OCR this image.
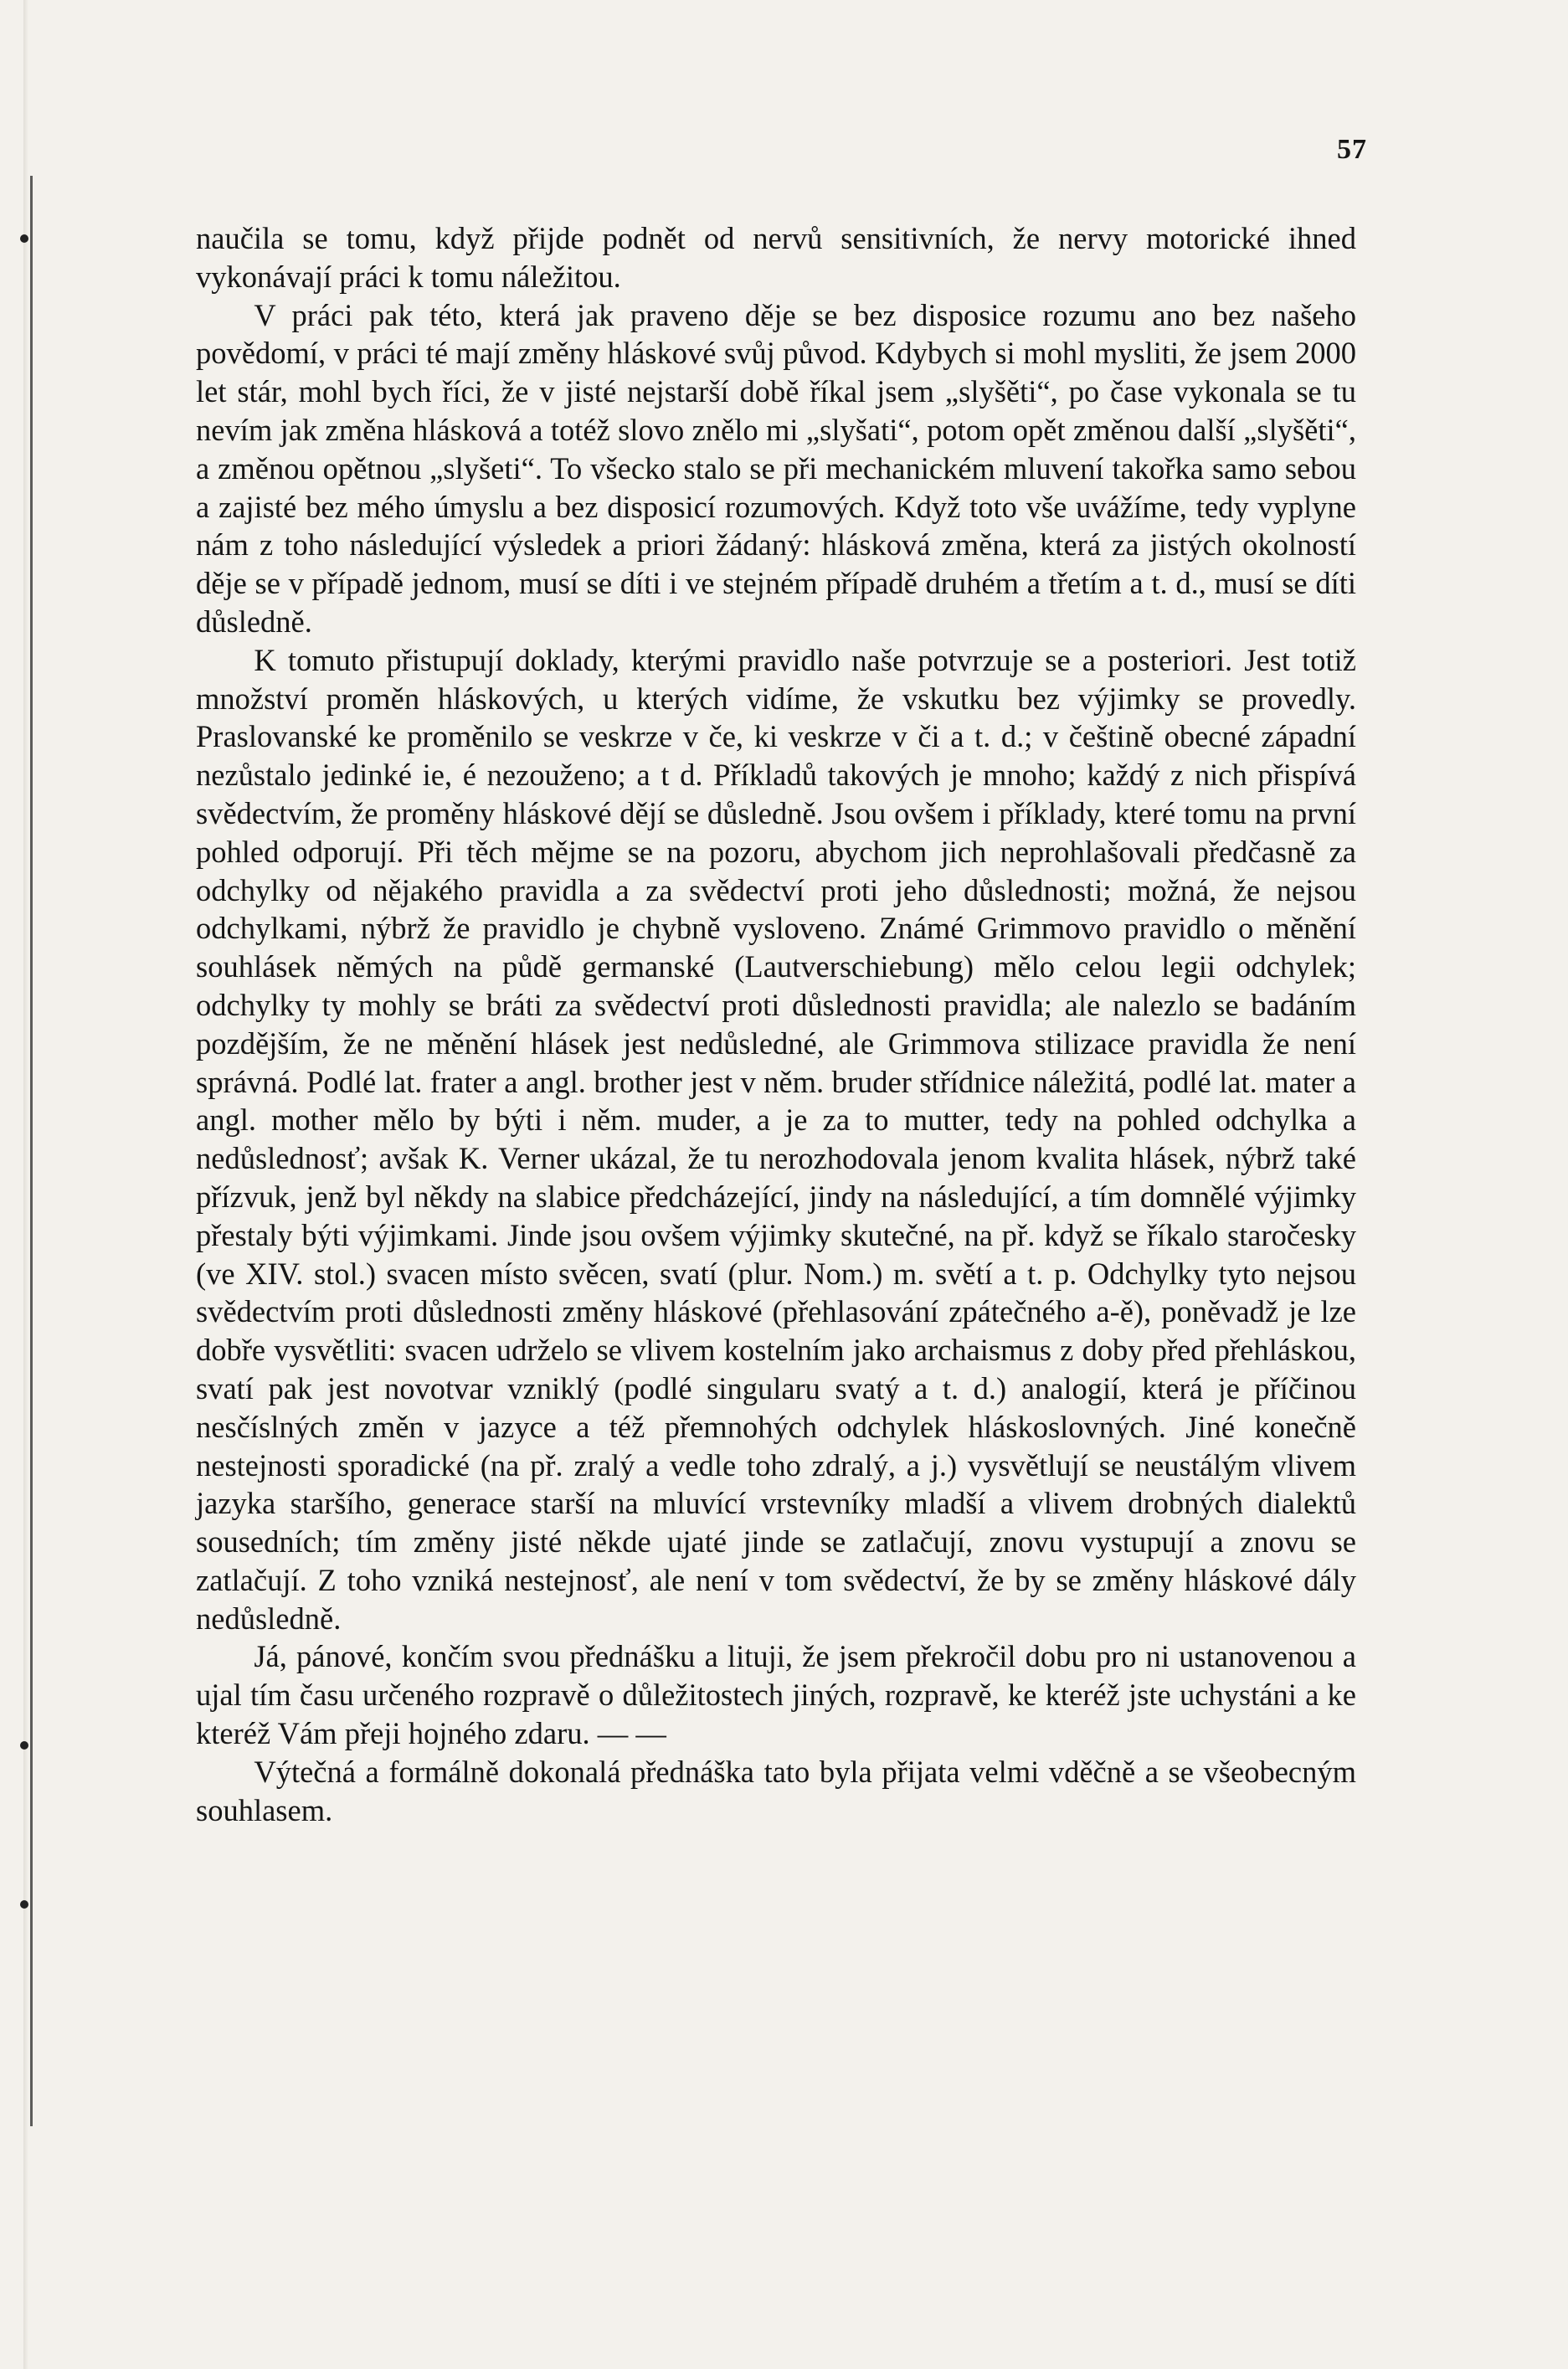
57

naučila se tomu, když přijde podnět od nervů sensitivních, že nervy motorické ihned vykonávají práci k tomu náležitou.

V práci pak této, která jak praveno děje se bez disposice rozumu ano bez našeho povědomí, v práci té mají změny hláskové svůj původ. Kdybych si mohl mysliti, že jsem 2000 let stár, mohl bych říci, že v jisté nejstarší době říkal jsem „slyšěti“, po čase vykonala se tu nevím jak změna hlásková a totéž slovo znělo mi „slyšati“, potom opět změnou další „slyšěti“, a změnou opětnou „slyšeti“. To všecko stalo se při mechanickém mluvení takořka samo sebou a zajisté bez mého úmyslu a bez disposicí rozumových. Když toto vše uvážíme, tedy vyplyne nám z toho následující výsledek a priori žádaný: hlásková změna, která za jistých okolností děje se v případě jednom, musí se díti i ve stejném případě druhém a třetím a t. d., musí se díti důsledně.

K tomuto přistupují doklady, kterými pravidlo naše potvrzuje se a posteriori. Jest totiž množství proměn hláskových, u kterých vidíme, že vskutku bez výjimky se provedly. Praslovanské ke proměnilo se veskrze v če, ki veskrze v či a t. d.; v češtině obecné západní nezůstalo jedinké ie, é nezouženo; a t d. Příkladů takových je mnoho; každý z nich přispívá svědectvím, že proměny hláskové dějí se důsledně. Jsou ovšem i příklady, které tomu na první pohled odporují. Při těch mějme se na pozoru, abychom jich neprohlašovali předčasně za odchylky od nějakého pravidla a za svědectví proti jeho důslednosti; možná, že nejsou odchylkami, nýbrž že pravidlo je chybně vysloveno. Známé Grimmovo pravidlo o měnění souhlásek němých na půdě germanské (Lautverschiebung) mělo celou legii odchylek; odchylky ty mohly se bráti za svědectví proti důslednosti pravidla; ale nalezlo se badáním pozdějším, že ne měnění hlásek jest nedůsledné, ale Grimmova stilizace pravidla že není správná. Podlé lat. frater a angl. brother jest v něm. bruder střídnice náležitá, podlé lat. mater a angl. mother mělo by býti i něm. muder, a je za to mutter, tedy na pohled odchylka a nedůslednosť; avšak K. Verner ukázal, že tu nerozhodovala jenom kvalita hlásek, nýbrž také přízvuk, jenž byl někdy na slabice předcházející, jindy na následující, a tím domnělé výjimky přestaly býti výjimkami. Jinde jsou ovšem výjimky skutečné, na př. když se říkalo staročesky (ve XIV. stol.) svacen místo svěcen, svatí (plur. Nom.) m. světí a t. p. Odchylky tyto nejsou svědectvím proti důslednosti změny hláskové (přehlasování zpátečného a-ě), poněvadž je lze dobře vysvětliti: svacen udrželo se vlivem kostelním jako archaismus z doby před přehláskou, svatí pak jest novotvar vzniklý (podlé singularu svatý a t. d.) analogií, která je příčinou nesčíslných změn v jazyce a též přemnohých odchylek hláskoslovných. Jiné konečně nestejnosti sporadické (na př. zralý a vedle toho zdralý, a j.) vysvětlují se neustálým vlivem jazyka staršího, generace starší na mluvící vrstevníky mladší a vlivem drobných dialektů sousedních; tím změny jisté někde ujaté jinde se zatlačují, znovu vystupují a znovu se zatlačují. Z toho vzniká nestejnosť, ale není v tom svědectví, že by se změny hláskové dály nedůsledně.

Já, pánové, končím svou přednášku a lituji, že jsem překročil dobu pro ni ustanovenou a ujal tím času určeného rozpravě o důležitostech jiných, rozpravě, ke kteréž jste uchystáni a ke kteréž Vám přeji hojného zdaru. — —

Výtečná a formálně dokonalá přednáška tato byla přijata velmi vděčně a se všeobecným souhlasem.
